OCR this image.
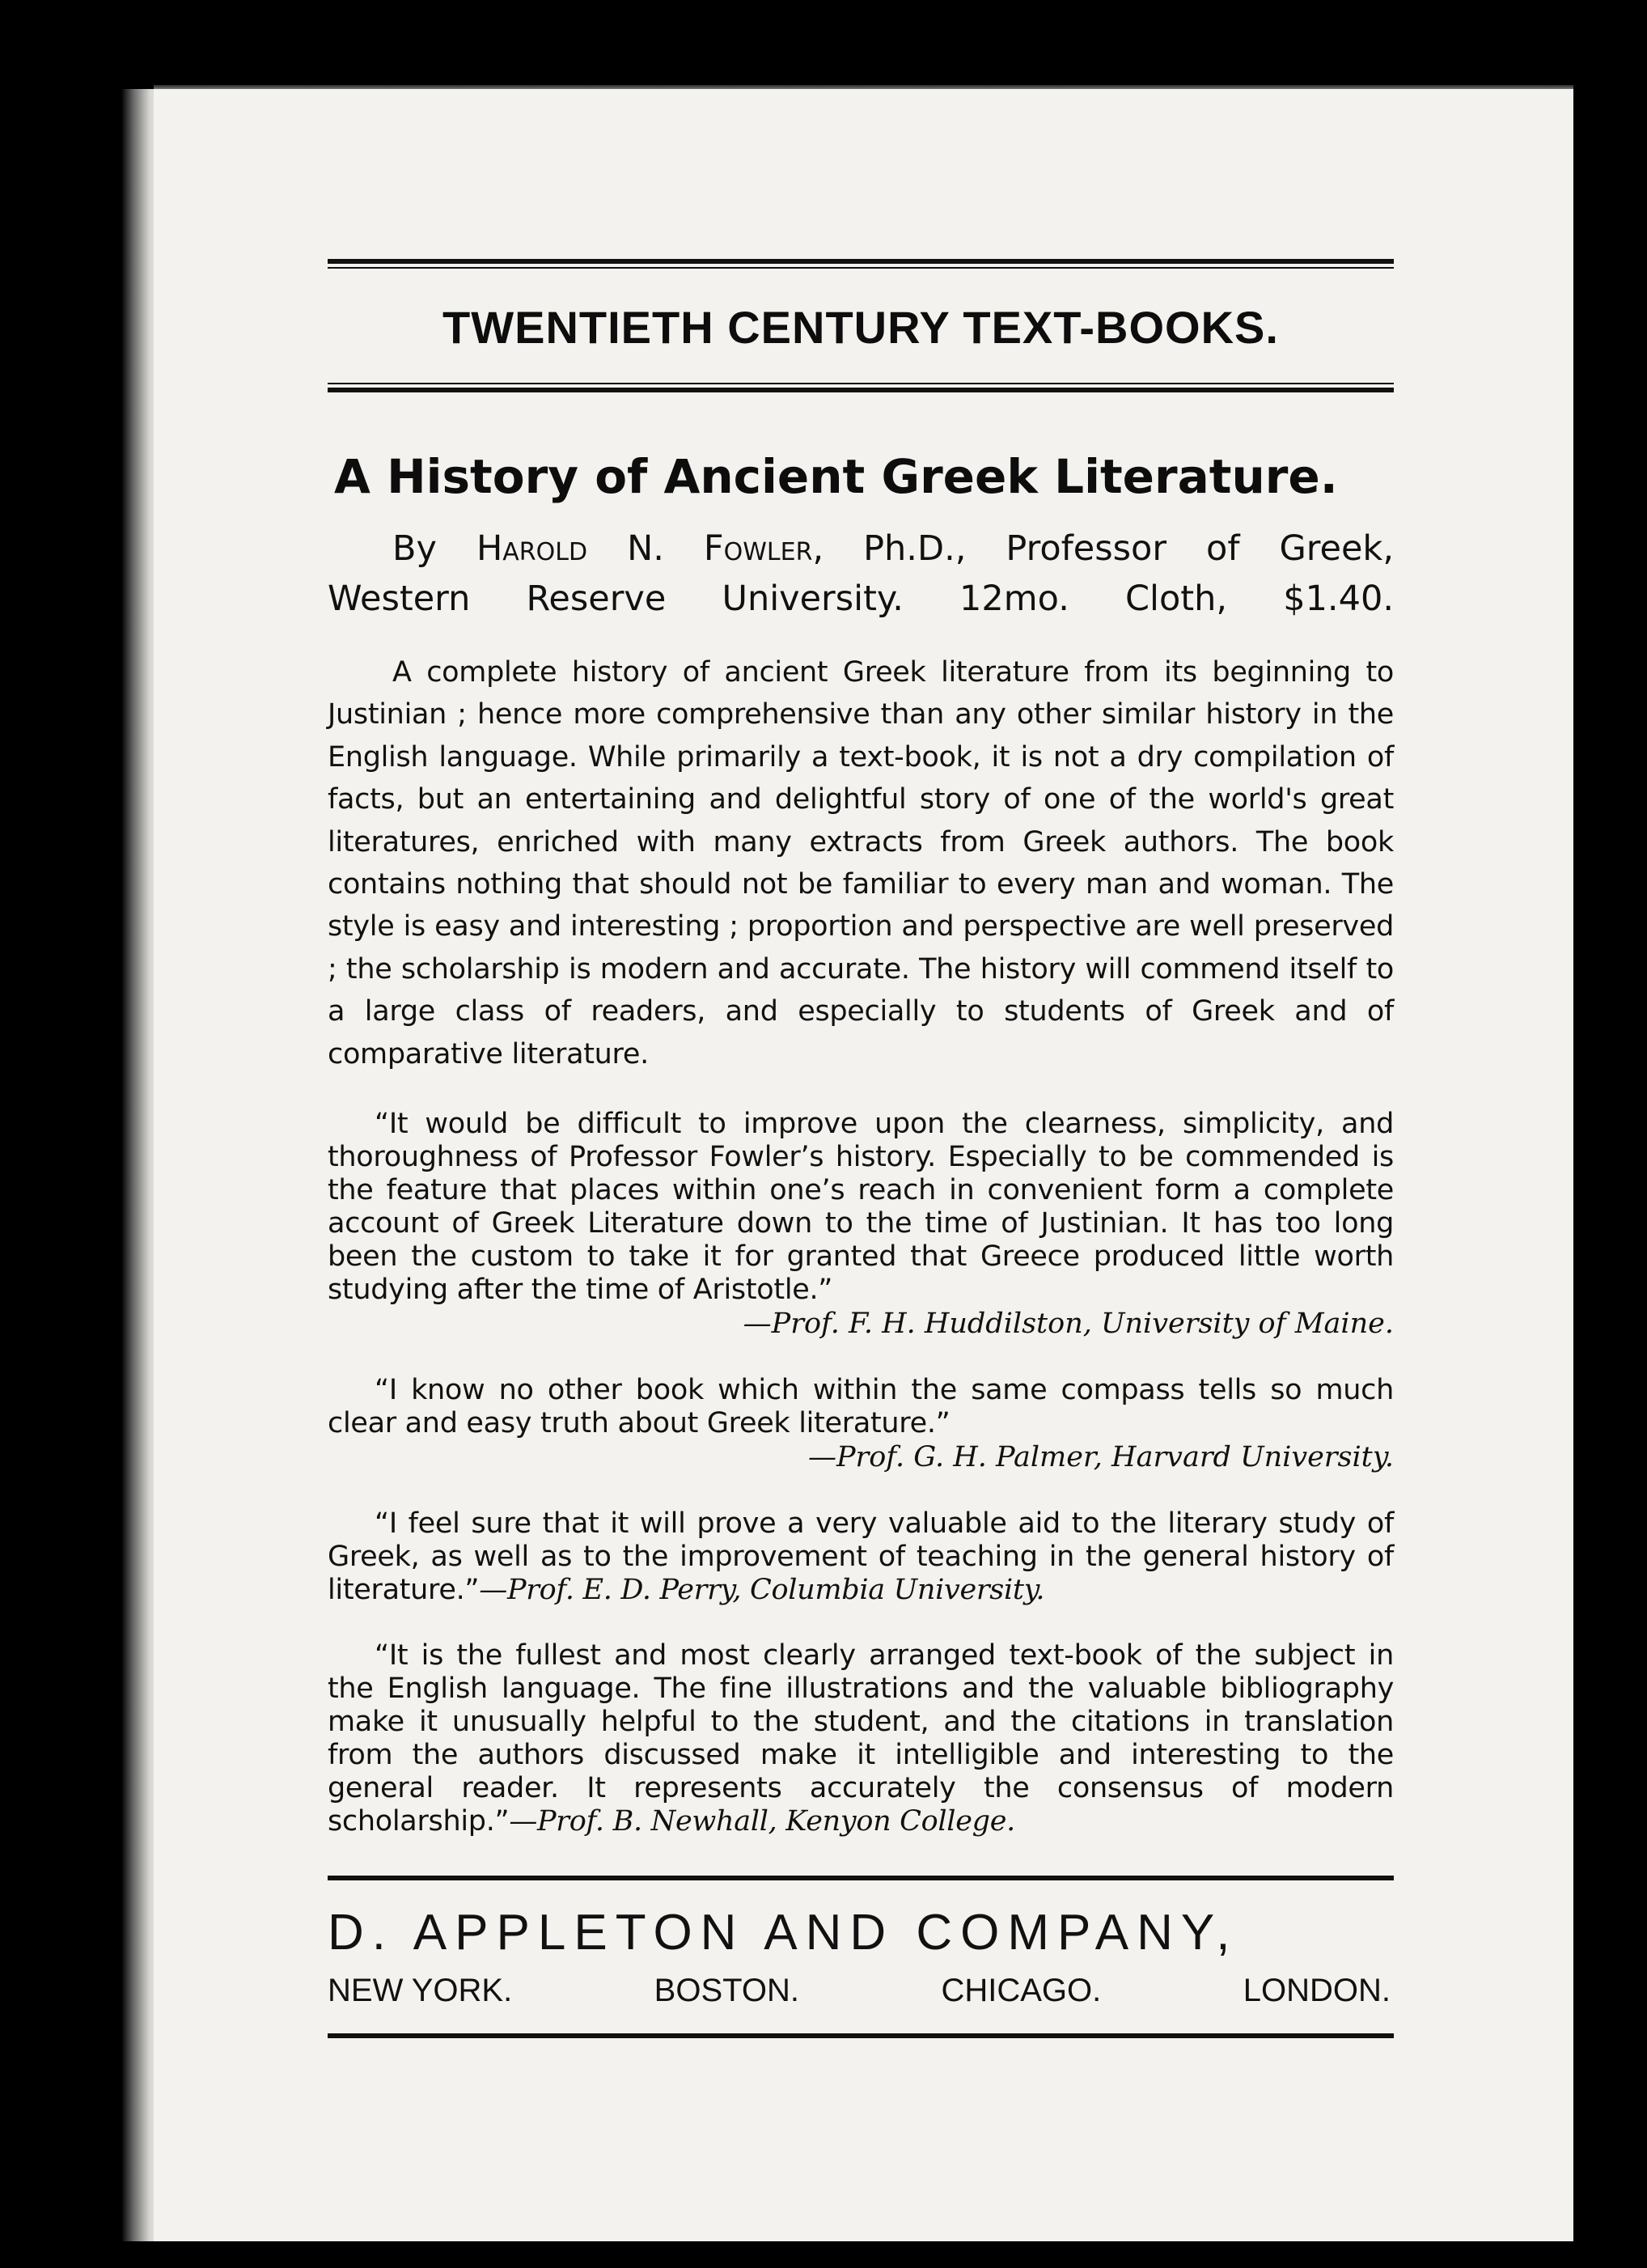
TWENTIETH CENTURY TEXT-BOOKS.
A History of Ancient Greek Literature.
By Harold N. Fowler, Ph.D., Professor of Greek,
Western Reserve University. 12mo. Cloth, $1.40.
A complete history of ancient Greek literature from its beginning to Justinian ; hence more comprehensive than any other similar history in the English language. While primarily a text-book, it is not a dry compilation of facts, but an entertaining and delightful story of one of the world's great literatures, enriched with many extracts from Greek authors. The book contains nothing that should not be familiar to every man and woman. The style is easy and interesting ; proportion and perspective are well preserved ; the scholarship is modern and accurate. The history will commend itself to a large class of readers, and especially to students of Greek and of comparative literature.
“It would be difficult to improve upon the clearness, simplicity, and thoroughness of Professor Fowler’s history. Especially to be commended is the feature that places within one’s reach in convenient form a complete account of Greek Literature down to the time of Justinian. It has too long been the custom to take it for granted that Greece produced little worth studying after the time of Aristotle.”
—Prof. F. H. Huddilston, University of Maine.
“I know no other book which within the same compass tells so much clear and easy truth about Greek literature.”
—Prof. G. H. Palmer, Harvard University.
“I feel sure that it will prove a very valuable aid to the literary study of Greek, as well as to the improvement of teaching in the general history of literature.”—Prof. E. D. Perry, Columbia University.
“It is the fullest and most clearly arranged text-book of the subject in the English language. The fine illustrations and the valuable bibliography make it unusually helpful to the student, and the citations in translation from the authors discussed make it intelligible and interesting to the general reader. It represents accurately the consensus of modern scholarship.”—Prof. B. Newhall, Kenyon College.
D. APPLETON AND COMPANY,
NEW YORK.	BOSTON.	CHICAGO.	LONDON.
